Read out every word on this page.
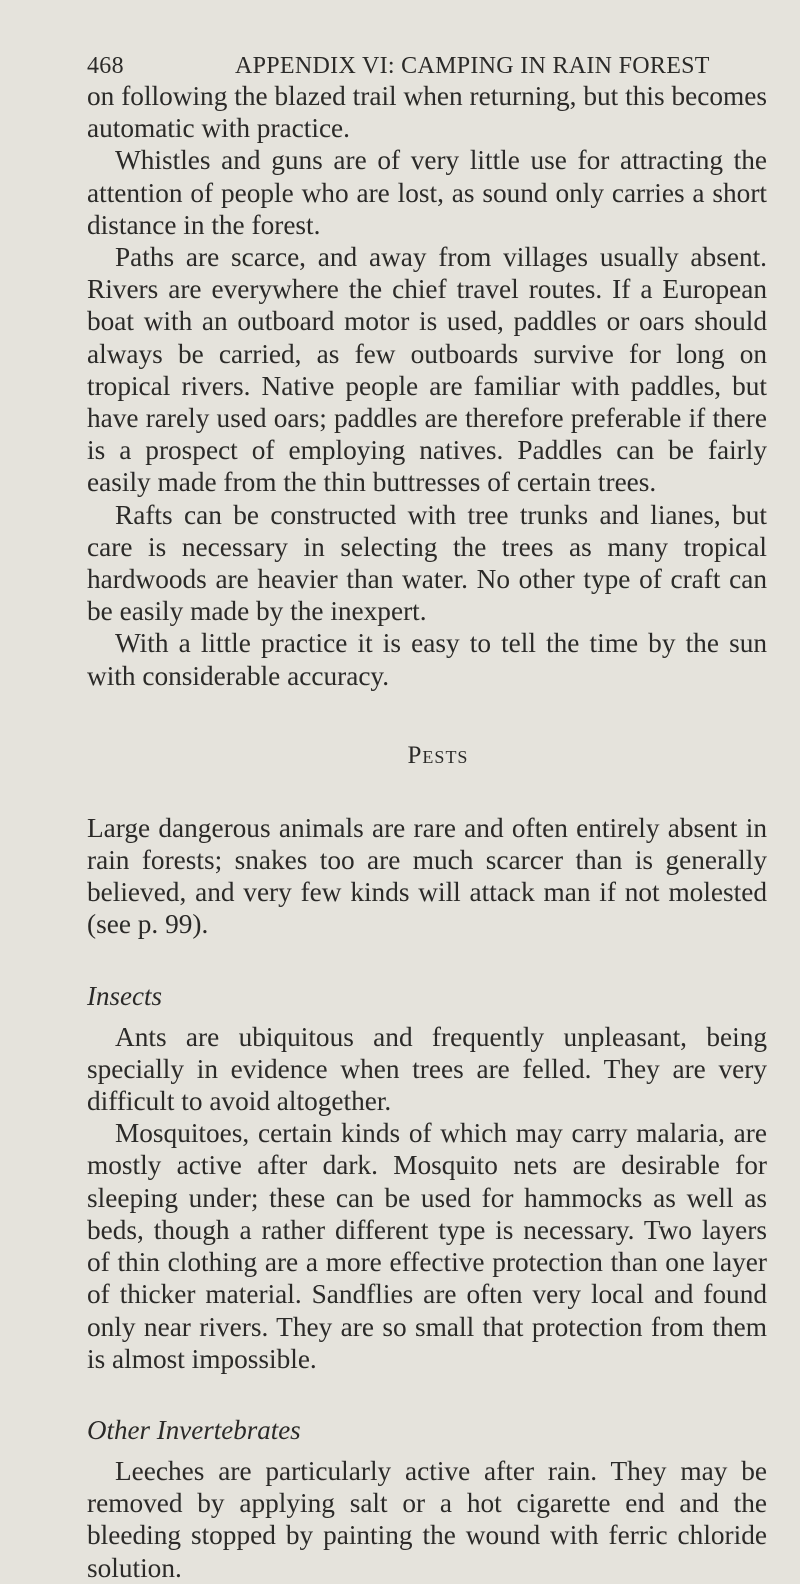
468	APPENDIX VI: CAMPING IN RAIN FOREST

on following the blazed trail when returning, but this becomes automatic with practice.

Whistles and guns are of very little use for attracting the attention of people who are lost, as sound only carries a short distance in the forest.

Paths are scarce, and away from villages usually absent. Rivers are everywhere the chief travel routes. If a European boat with an outboard motor is used, paddles or oars should always be carried, as few outboards survive for long on tropical rivers. Native people are familiar with paddles, but have rarely used oars; paddles are therefore preferable if there is a prospect of employing natives. Paddles can be fairly easily made from the thin buttresses of certain trees.

Rafts can be constructed with tree trunks and lianes, but care is necessary in selecting the trees as many tropical hardwoods are heavier than water. No other type of craft can be easily made by the inexpert.

With a little practice it is easy to tell the time by the sun with considerable accuracy.

Pests

Large dangerous animals are rare and often entirely absent in rain forests; snakes too are much scarcer than is generally believed, and very few kinds will attack man if not molested (see p. 99).

Insects

Ants are ubiquitous and frequently unpleasant, being specially in evidence when trees are felled. They are very difficult to avoid altogether.

Mosquitoes, certain kinds of which may carry malaria, are mostly active after dark. Mosquito nets are desirable for sleeping under; these can be used for hammocks as well as beds, though a rather different type is necessary. Two layers of thin clothing are a more effective protection than one layer of thicker material. Sandflies are often very local and found only near rivers. They are so small that protection from them is almost impossible.

Other Invertebrates

Leeches are particularly active after rain. They may be removed by applying salt or a hot cigarette end and the bleeding stopped by painting the wound with ferric chloride solution.
